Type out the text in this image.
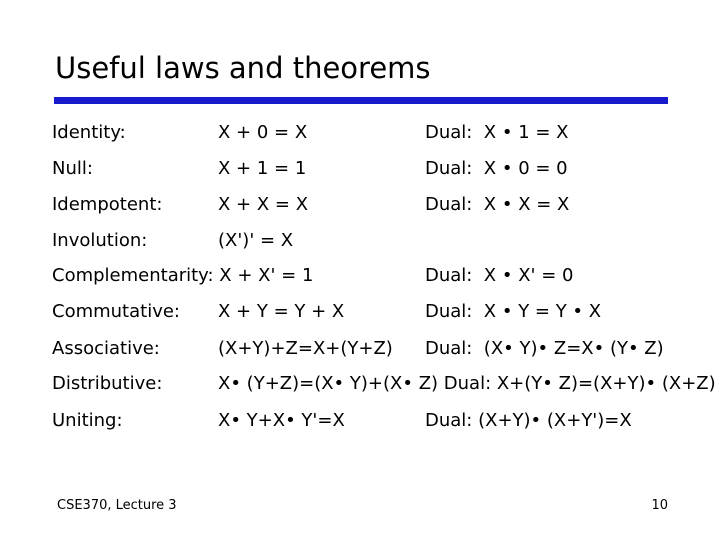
Useful laws and theorems
Identity:	X + 0 = X	Dual:  X • 1 = X
Null:	X + 1 = 1	Dual:  X • 0 = 0
Idempotent:	X + X = X	Dual:  X • X = X
Involution:	(X')' = X
Complementarity: X + X' = 1	Dual:  X • X' = 0
Commutative: X + Y = Y + X	Dual:  X • Y = Y • X
Associative:	(X+Y)+Z=X+(Y+Z) Dual:  (X• Y)• Z=X• (Y• Z)
Distributive:	X• (Y+Z)=(X• Y)+(X• Z) Dual: X+(Y• Z)=(X+Y)• (X+Z)
Uniting:	X• Y+X• Y'=X	Dual: (X+Y)• (X+Y')=X
CSE370, Lecture 3	10
